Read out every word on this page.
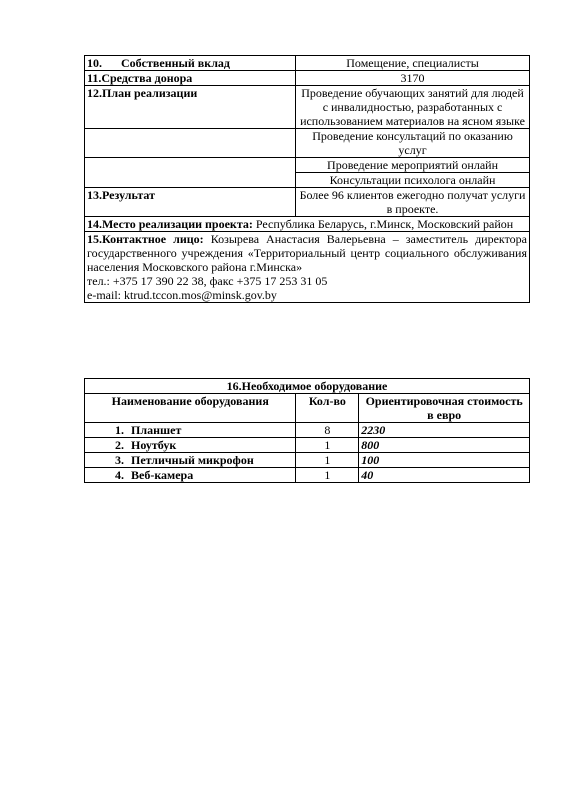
10. Собственный вклад	Помещение, специалисты
11.Средства донора	3170
12.План реализации	Проведение обучающих занятий для людей с инвалидностью, разработанных с использованием материалов на ясном языке
	Проведение консультаций по оказанию услуг
	Проведение мероприятий онлайн
	Консультации психолога онлайн
13.Результат	Более 96 клиентов ежегодно получат услуги в проекте.
14.Место реализации проекта: Республика Беларусь, г.Минск, Московский район	

15.Контактное лицо: Козырева Анастасия Валерьевна – заместитель директора государственного учреждения «Территориальный центр социального обслуживания населения Московского района г.Минска»
тел.: +375 17 390 22 38, факс +375 17 253 31 05
e-mail: ktrud.tccon.mos@minsk.gov.by	
16.Необходимое оборудование		
Наименование оборудования	Кол-во	Ориентировочная стоимость в евро
1. Планшет	8	2230
2. Ноутбук	1	800
3. Петличный микрофон	1	100
4. Веб-камера	1	40
